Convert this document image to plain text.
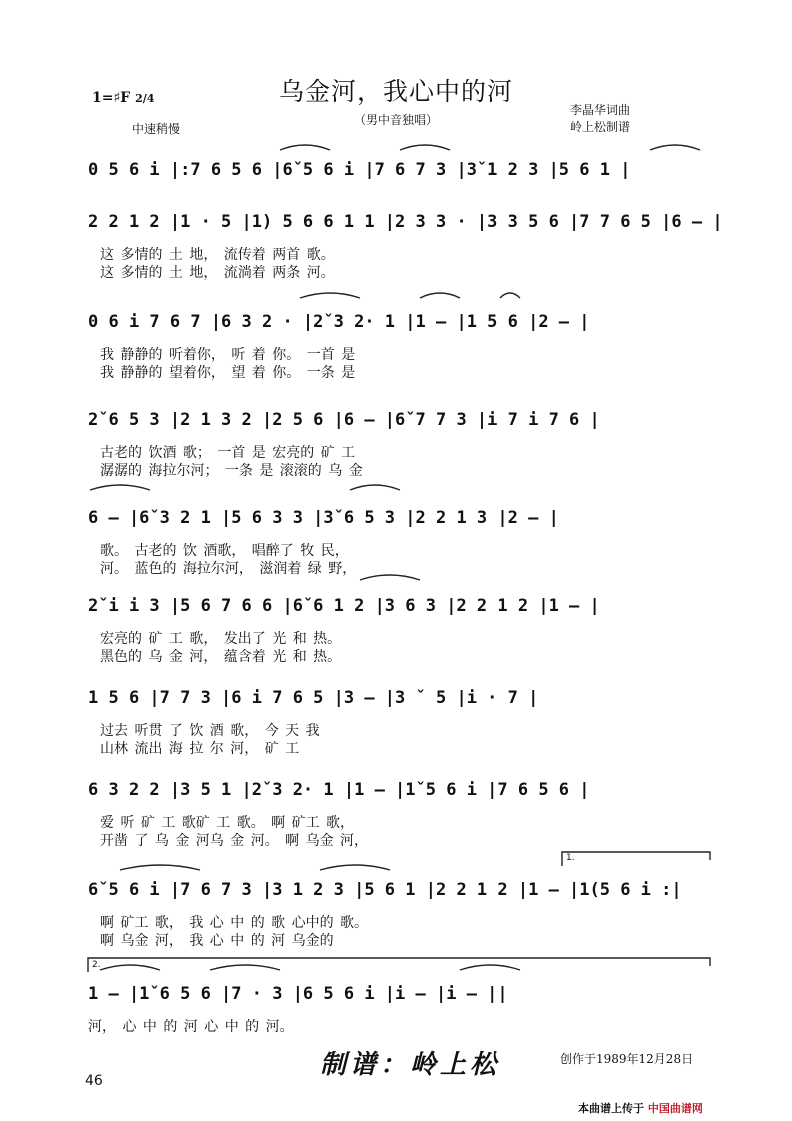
乌金河，我心中的河
（男中音独唱）
1=♯F 2/4
中速稍慢
李晶华词曲
岭上松制谱
0 5 6 i |:7 6 5 6 |6ˇ5 6 i |7 6 7 3 |3ˇ1 2 3 |5 6 1 |
2 2 1 2 |1 · 5 |1) 5 6 6 1 1 |2 3 3 · |3 3 5 6 |7 7 6 5 |6 – |
这 多情的 土 地， 流传着 两首 歌。
这 多情的 土 地， 流淌着 两条 河。
0 6 i 7 6 7 |6 3 2 · |2ˇ3 2· 1 |1 – |1 5 6 |2 – |
我 静静的 听着你， 听 着 你。 一首 是
我 静静的 望着你， 望 着 你。 一条 是
2ˇ6 5 3 |2 1 3 2 |2 5 6 |6 – |6ˇ7 7 3 |i 7 i 7 6 |
古老的 饮酒 歌； 一首 是 宏亮的 矿 工
潺潺的 海拉尔河； 一条 是 滚滚的 乌 金
6 – |6ˇ3 2 1 |5 6 3 3 |3ˇ6 5 3 |2 2 1 3 |2 – |
歌。 古老的 饮 酒歌， 唱醉了 牧 民，
河。 蓝色的 海拉尔河， 滋润着 绿 野，
2ˇi i 3 |5 6 7 6 6 |6ˇ6 1 2 |3 6 3 |2 2 1 2 |1 – |
宏亮的 矿 工 歌， 发出了 光 和 热。
黑色的 乌 金 河， 蕴含着 光 和 热。
1 5 6 |7 7 3 |6 i 7 6 5 |3 – |3 ˇ 5 |i · 7 |
过去 听贯 了 饮 酒 歌， 今 天 我
山林 流出 海 拉 尔 河， 矿 工
6 3 2 2 |3 5 1 |2ˇ3 2· 1 |1 – |1ˇ5 6 i |7 6 5 6 |
爱 听 矿 工 歌矿 工 歌。 啊 矿工 歌，
开凿 了 乌 金 河乌 金 河。 啊 乌金 河，
6ˇ5 6 i |7 6 7 3 |3 1 2 3 |5 6 1 |2 2 1 2 |1 – |1(5 6 i :|
啊 矿工 歌， 我 心 中 的 歌 心中的 歌。
啊 乌金 河， 我 心 中 的 河 乌金的
1 – |1ˇ6 5 6 |7 · 3 |6 5 6 i |i – |i – ||
河， 心 中 的 河 心 中 的 河。
1.
2.
制谱：岭上松	创作于1989年12月28日
46
本曲谱上传于 中国曲谱网
